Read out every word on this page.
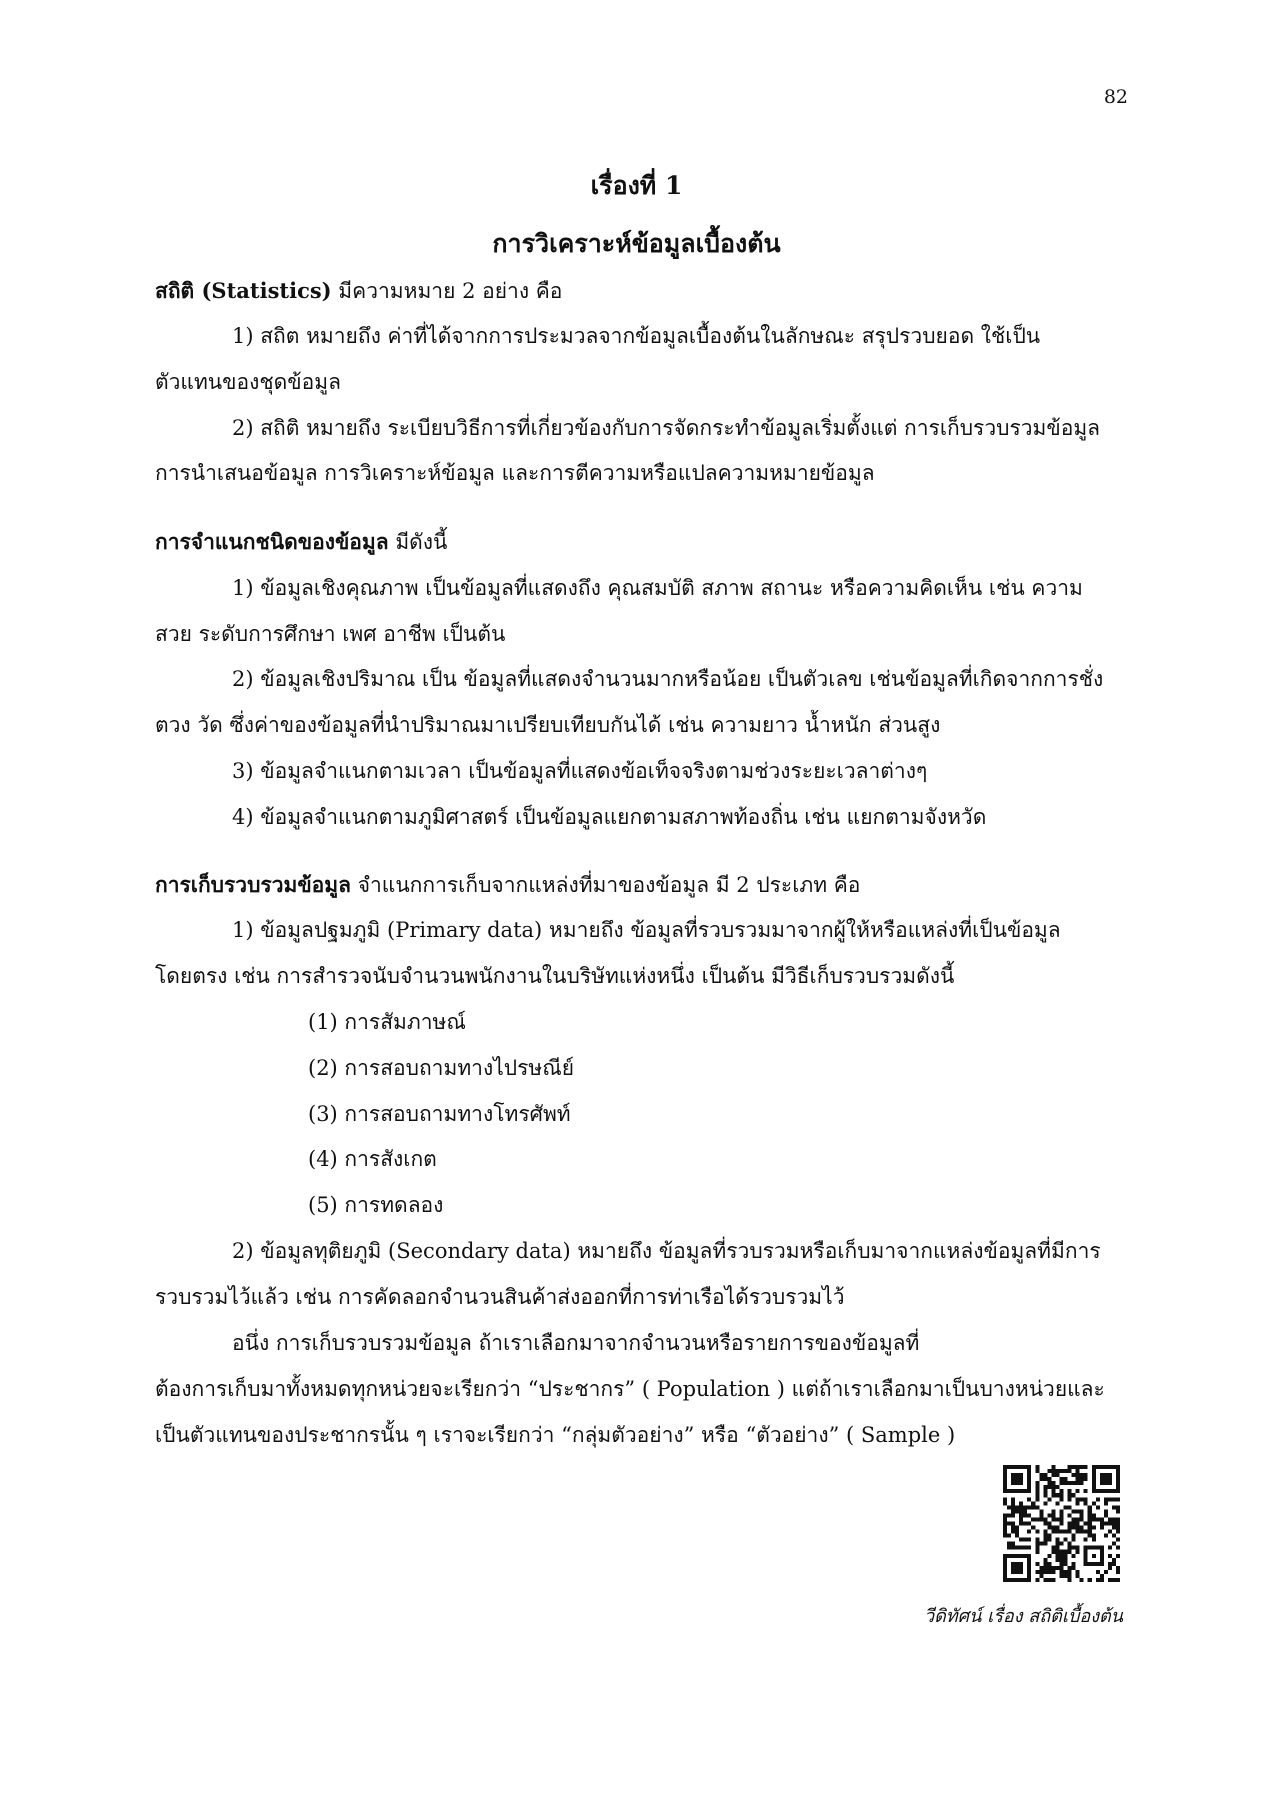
82
เรื่องที่ 1
การวิเคราะห์ข้อมูลเบื้องต้น
สถิติ (Statistics) มีความหมาย 2 อย่าง คือ
1) สถิต หมายถึง ค่าที่ได้จากการประมวลจากข้อมูลเบื้องต้นในลักษณะ สรุปรวบยอด ใช้เป็น
ตัวแทนของชุดข้อมูล
2) สถิติ หมายถึง ระเบียบวิธีการที่เกี่ยวข้องกับการจัดกระทำข้อมูลเริ่มตั้งแต่ การเก็บรวบรวมข้อมูล
การนำเสนอข้อมูล การวิเคราะห์ข้อมูล และการตีความหรือแปลความหมายข้อมูล
การจำแนกชนิดของข้อมูล มีดังนี้
1) ข้อมูลเชิงคุณภาพ เป็นข้อมูลที่แสดงถึง คุณสมบัติ สภาพ สถานะ หรือความคิดเห็น เช่น ความ
สวย ระดับการศึกษา เพศ อาชีพ เป็นต้น
2) ข้อมูลเชิงปริมาณ เป็น ข้อมูลที่แสดงจำนวนมากหรือน้อย เป็นตัวเลข เช่นข้อมูลที่เกิดจากการชั่ง
ตวง วัด ซึ่งค่าของข้อมูลที่นำปริมาณมาเปรียบเทียบกันได้ เช่น ความยาว น้ำหนัก ส่วนสูง
3) ข้อมูลจำแนกตามเวลา เป็นข้อมูลที่แสดงข้อเท็จจริงตามช่วงระยะเวลาต่างๆ
4) ข้อมูลจำแนกตามภูมิศาสตร์ เป็นข้อมูลแยกตามสภาพท้องถิ่น เช่น แยกตามจังหวัด
การเก็บรวบรวมข้อมูล จำแนกการเก็บจากแหล่งที่มาของข้อมูล มี 2 ประเภท คือ
1) ข้อมูลปฐมภูมิ (Primary data) หมายถึง ข้อมูลที่รวบรวมมาจากผู้ให้หรือแหล่งที่เป็นข้อมูล
โดยตรง เช่น การสำรวจนับจำนวนพนักงานในบริษัทแห่งหนึ่ง เป็นต้น มีวิธีเก็บรวบรวมดังนี้
(1) การสัมภาษณ์
(2) การสอบถามทางไปรษณีย์
(3) การสอบถามทางโทรศัพท์
(4) การสังเกต
(5) การทดลอง
2) ข้อมูลทุติยภูมิ (Secondary data) หมายถึง ข้อมูลที่รวบรวมหรือเก็บมาจากแหล่งข้อมูลที่มีการ
รวบรวมไว้แล้ว เช่น การคัดลอกจำนวนสินค้าส่งออกที่การท่าเรือได้รวบรวมไว้
อนึ่ง การเก็บรวบรวมข้อมูล ถ้าเราเลือกมาจากจำนวนหรือรายการของข้อมูลที่
ต้องการเก็บมาทั้งหมดทุกหน่วยจะเรียกว่า “ประชากร” ( Population ) แต่ถ้าเราเลือกมาเป็นบางหน่วยและ
เป็นตัวแทนของประชากรนั้น ๆ เราจะเรียกว่า “กลุ่มตัวอย่าง” หรือ “ตัวอย่าง” ( Sample )
วีดิทัศน์ เรื่อง สถิติเบื้องต้น
